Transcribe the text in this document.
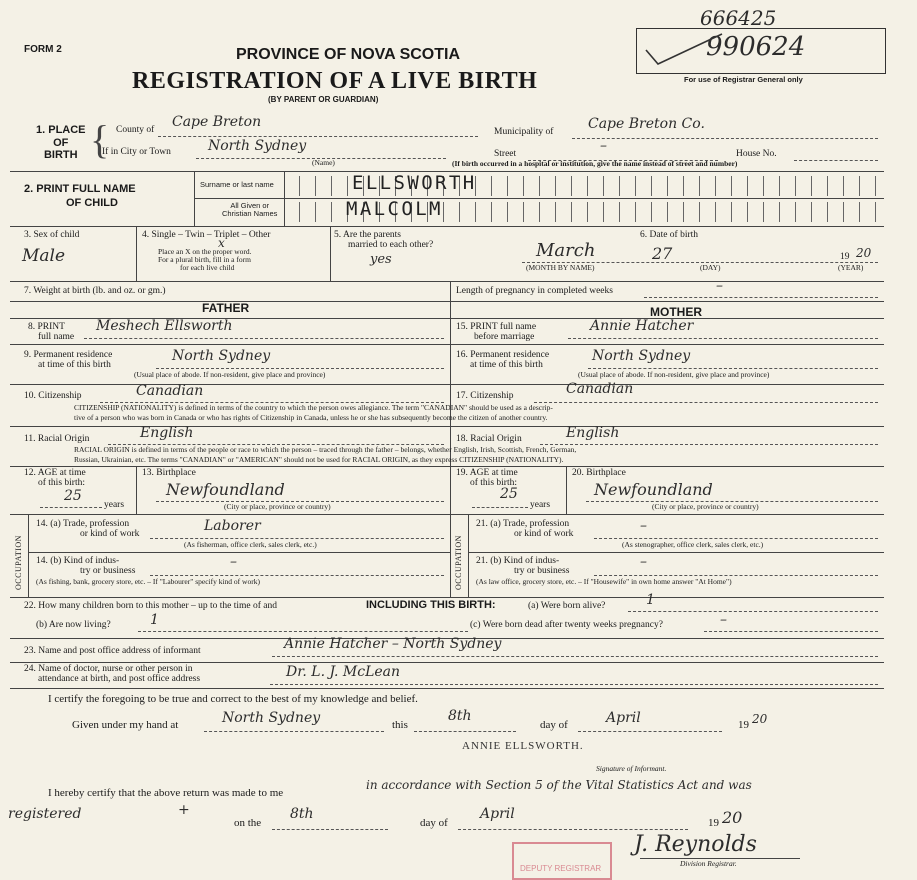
FORM 2	PROVINCE OF NOVA SCOTIA
REGISTRATION OF A LIVE BIRTH
(BY PARENT OR GUARDIAN)
666425
990624
For use of Registrar General only
1. PLACE
OF
BIRTH { County of Cape Breton
If in City or Town	North Sydney
(Name)
Municipality of Cape Breton Co.
Street	–	House No.
(If birth occurred in a hospital or institution, give the name instead of street and number)
2. PRINT FULL NAME
OF CHILD
Surname or last name
All Given or
Christian Names
ELLSWORTH
MALCOLM
3. Sex of child
Male
4. Single – Twin – Triplet – Other
x
Place an X on the proper word.
For a plural birth, fill in a form
for each live child
5. Are the parents
married to each other?
yes
6. Date of birth
March	27	19 20
(MONTH BY NAME)	(DAY)	(YEAR)
7. Weight at birth (lb. and oz. or gm.)	Length of pregnancy in completed weeks	–
FATHER	MOTHER
8. PRINT
full name
Meshech Ellsworth
9. Permanent residence
at time of this birth
North Sydney
(Usual place of abode. If non-resident, give place and province)
10. Citizenship	Canadian
CITIZENSHIP (NATIONALITY) is defined in terms of the country to which the person owes allegiance. The term "CANADIAN" should be used as a descrip-
tive of a person who was born in Canada or who has rights of Citizenship in Canada, unless he or she has subsequently become the citizen of another country.
11. Racial Origin	English
RACIAL ORIGIN is defined in terms of the people or race to which the person – traced through the father – belongs, whether English, Irish, Scottish, French, German,
Russian, Ukrainian, etc. The terms "CANADIAN" or "AMERICAN" should not be used for RACIAL ORIGIN, as they express CITIZENSHIP (NATIONALITY).
12. AGE at time
of this birth:
25
years
13. Birthplace
Newfoundland
(City or place, province or country)
OCCUPATION
14. (a) Trade, profession
or kind of work
Laborer
(As fisherman, office clerk, sales clerk, etc.)
14. (b) Kind of indus-
try or business
–
(As fishing, bank, grocery store, etc. – If "Labourer" specify kind of work)
15. PRINT full name
before marriage
Annie Hatcher
16. Permanent residence
at time of this birth
North Sydney
(Usual place of abode. If non-resident, give place and province)
17. Citizenship	Canadian
18. Racial Origin	English
19. AGE at time
of this birth:
25
years
20. Birthplace
Newfoundland
(City or place, province or country)
OCCUPATION
21. (a) Trade, profession
or kind of work
–
(As stenographer, office clerk, sales clerk, etc.)
21. (b) Kind of indus-
try or business
–
(As law office, grocery store, etc. – If "Housewife" in own home answer "At Home")
22. How many children born to this mother – up to the time of and	INCLUDING THIS BIRTH:	(a) Were born alive?	1
(b) Are now living?	1	(c) Were born dead after twenty weeks pregnancy?	–
23. Name and post office address of informant	Annie Hatcher – North Sydney
24. Name of doctor, nurse or other person in
attendance at birth, and post office address	Dr. L. J. McLean
I certify the foregoing to be true and correct to the best of my knowledge and belief.
Given under my hand at	North Sydney	this
8th
day of	April	19 20
ANNIE ELLSWORTH.
Signature of Informant.
I hereby certify that the above return was made to me
in accordance with Section 5 of the Vital Statistics Act and was
registered	+
on the
8th
day of
April
19 20
J. Reynolds
Division Registrar.
DEPUTY REGISTRAR
